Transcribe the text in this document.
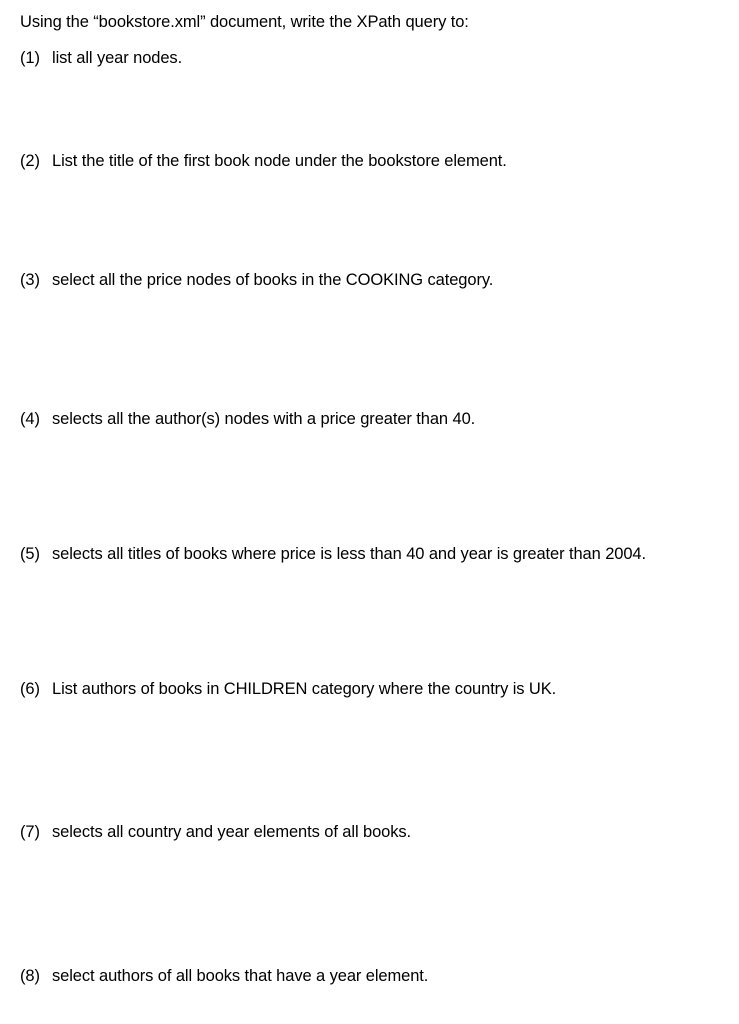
Using the “bookstore.xml” document, write the XPath query to:
(1) list all year nodes.
(2) List the title of the first book node under the bookstore element.
(3) select all the price nodes of books in the COOKING category.
(4) selects all the author(s) nodes with a price greater than 40.
(5) selects all titles of books where price is less than 40 and year is greater than 2004.
(6) List authors of books in CHILDREN category where the country is UK.
(7) selects all country and year elements of all books.
(8) select authors of all books that have a year element.
